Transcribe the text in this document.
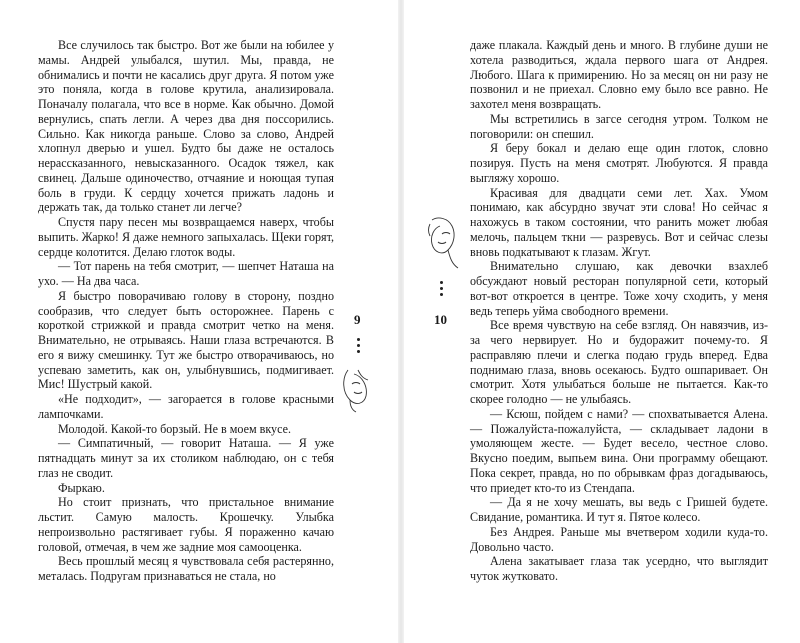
Все случилось так быстро. Вот же были на юбилее у мамы. Андрей улыбался, шутил. Мы, правда, не обнимались и почти не касались друг друга. Я потом уже это поняла, когда в голове крутила, анализировала. Поначалу полагала, что все в норме. Как обычно. Домой вернулись, спать легли. А через два дня поссорились. Сильно. Как никогда раньше. Слово за слово, Андрей хлопнул дверью и ушел. Будто бы даже не осталось нерассказанного, невысказанного. Осадок тяжел, как свинец. Дальше одиночество, отчаяние и ноющая тупая боль в груди. К сердцу хочется прижать ладонь и держать так, да только станет ли легче?

Спустя пару песен мы возвращаемся наверх, чтобы выпить. Жарко! Я даже немного запыхалась. Щеки горят, сердце колотится. Делаю глоток воды.

— Тот парень на тебя смотрит, — шепчет Наташа на ухо. — На два часа.

Я быстро поворачиваю голову в сторону, поздно сообразив, что следует быть осторожнее. Парень с короткой стрижкой и правда смотрит четко на меня. Внимательно, не отрываясь. Наши глаза встречаются. В его я вижу смешинку. Тут же быстро отворачиваюсь, но успеваю заметить, как он, улыбнувшись, подмигивает. Мис! Шустрый какой.

«Не подходит», — загорается в голове красными лампочками.

Молодой. Какой-то борзый. Не в моем вкусе.

— Симпатичный, — говорит Наташа. — Я уже пятнадцать минут за их столиком наблюдаю, он с тебя глаз не сводит.

Фыркаю.

Но стоит признать, что пристальное внимание льстит. Самую малость. Крошечку. Улыбка непроизвольно растягивает губы. Я пораженно качаю головой, отмечая, в чем же задние моя самооценка.

Весь прошлый месяц я чувствовала себя растерянно, металась. Подругам признаваться не стала, но

9

даже плакала. Каждый день и много. В глубине души не хотела разводиться, ждала первого шага от Андрея. Любого. Шага к примирению. Но за месяц он ни разу не позвонил и не приехал. Словно ему было все равно. Не захотел меня возвращать.

Мы встретились в загсе сегодня утром. Толком не поговорили: он спешил.

Я беру бокал и делаю еще один глоток, словно позируя. Пусть на меня смотрят. Любуются. Я правда выгляжу хорошо.

Красивая для двадцати семи лет. Хах. Умом понимаю, как абсурдно звучат эти слова! Но сейчас я нахожусь в таком состоянии, что ранить может любая мелочь, пальцем ткни — разревусь. Вот и сейчас слезы вновь подкатывают к глазам. Жгут.

Внимательно слушаю, как девочки взахлеб обсуждают новый ресторан популярной сети, который вот-вот откроется в центре. Тоже хочу сходить, у меня ведь теперь уйма свободного времени.

Все время чувствую на себе взгляд. Он навязчив, из-за чего нервирует. Но и будоражит почему-то. Я расправляю плечи и слегка подаю грудь вперед. Едва поднимаю глаза, вновь осекаюсь. Будто ошпаривает. Он смотрит. Хотя улыбаться больше не пытается. Как-то скорее голодно — не улыбаясь.

— Ксюш, пойдем с нами? — спохватывается Алена. — Пожалуйста-пожалуйста, — складывает ладони в умоляющем жесте. — Будет весело, честное слово. Вкусно поедим, выпьем вина. Они программу обещают. Пока секрет, правда, но по обрывкам фраз догадываюсь, что приедет кто-то из Стендапа.

— Да я не хочу мешать, вы ведь с Гришей будете. Свидание, романтика. И тут я. Пятое колесо.

Без Андрея. Раньше мы вчетвером ходили куда-то. Довольно часто.

Алена закатывает глаза так усердно, что выглядит чуток жутковато.

10
